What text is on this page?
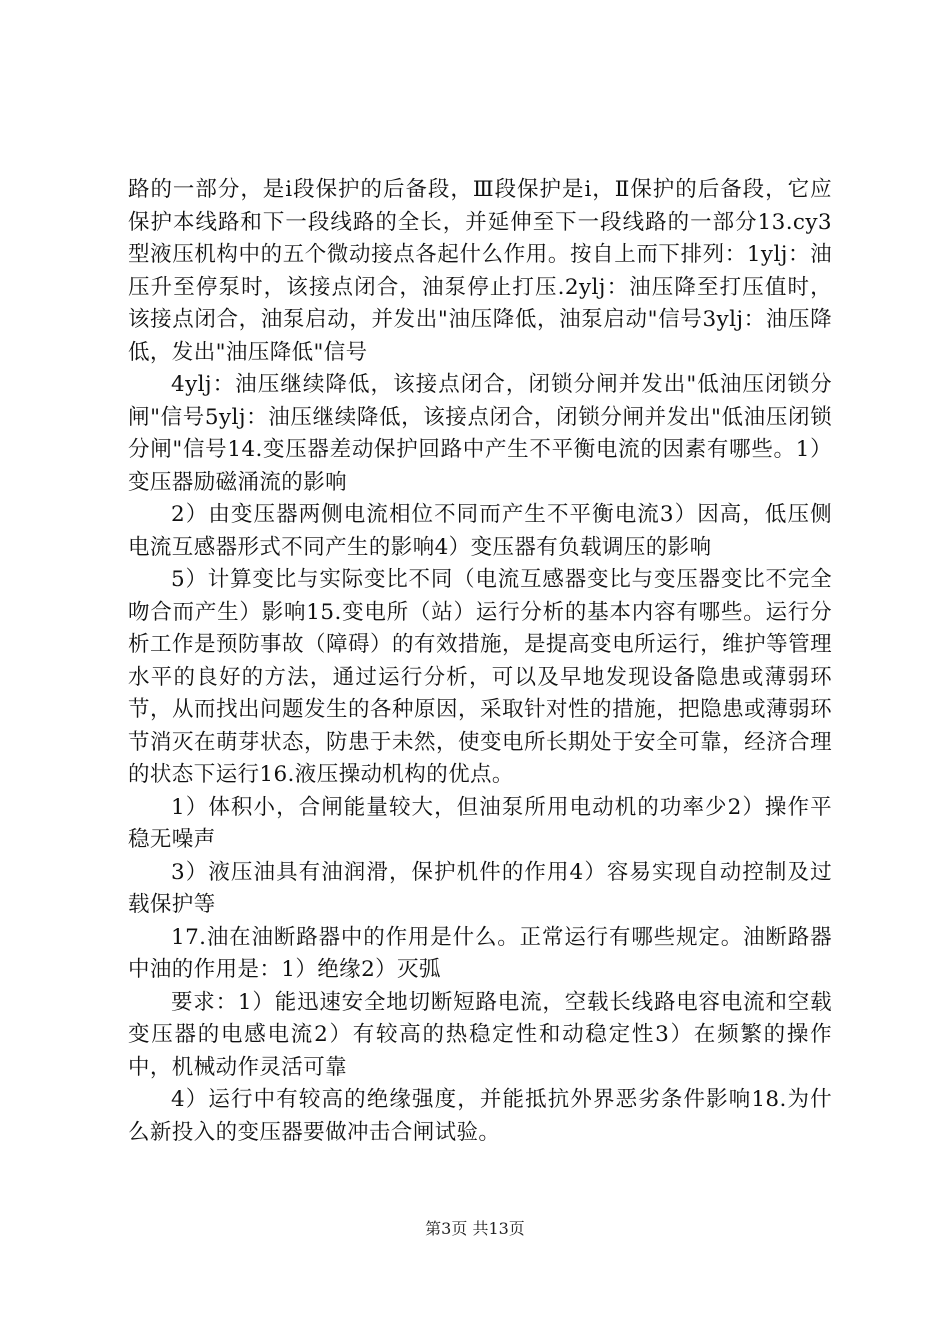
路的一部分，是ⅰ段保护的后备段，Ⅲ段保护是ⅰ，Ⅱ保护的后备段，它应保护本线路和下一段线路的全长，并延伸至下一段线路的一部分13.cy3型液压机构中的五个微动接点各起什么作用。按自上而下排列：1ylj：油压升至停泵时，该接点闭合，油泵停止打压.2ylj：油压降至打压值时，该接点闭合，油泵启动，并发出"油压降低，油泵启动"信号3ylj：油压降低，发出"油压降低"信号

4ylj：油压继续降低，该接点闭合，闭锁分闸并发出"低油压闭锁分闸"信号5ylj：油压继续降低，该接点闭合，闭锁分闸并发出"低油压闭锁分闸"信号14.变压器差动保护回路中产生不平衡电流的因素有哪些。1）变压器励磁涌流的影响

2）由变压器两侧电流相位不同而产生不平衡电流3）因高，低压侧电流互感器形式不同产生的影响4）变压器有负载调压的影响

5）计算变比与实际变比不同（电流互感器变比与变压器变比不完全吻合而产生）影响15.变电所（站）运行分析的基本内容有哪些。运行分析工作是预防事故（障碍）的有效措施，是提高变电所运行，维护等管理水平的良好的方法，通过运行分析，可以及早地发现设备隐患或薄弱环节，从而找出问题发生的各种原因，采取针对性的措施，把隐患或薄弱环节消灭在萌芽状态，防患于未然，使变电所长期处于安全可靠，经济合理的状态下运行16.液压操动机构的优点。

1）体积小，合闸能量较大，但油泵所用电动机的功率少2）操作平稳无噪声

3）液压油具有油润滑，保护机件的作用4）容易实现自动控制及过载保护等

17.油在油断路器中的作用是什么。正常运行有哪些规定。油断路器中油的作用是：1）绝缘2）灭弧

要求：1）能迅速安全地切断短路电流，空载长线路电容电流和空载变压器的电感电流2）有较高的热稳定性和动稳定性3）在频繁的操作中，机械动作灵活可靠

4）运行中有较高的绝缘强度，并能抵抗外界恶劣条件影响18.为什么新投入的变压器要做冲击合闸试验。

第3页 共13页
